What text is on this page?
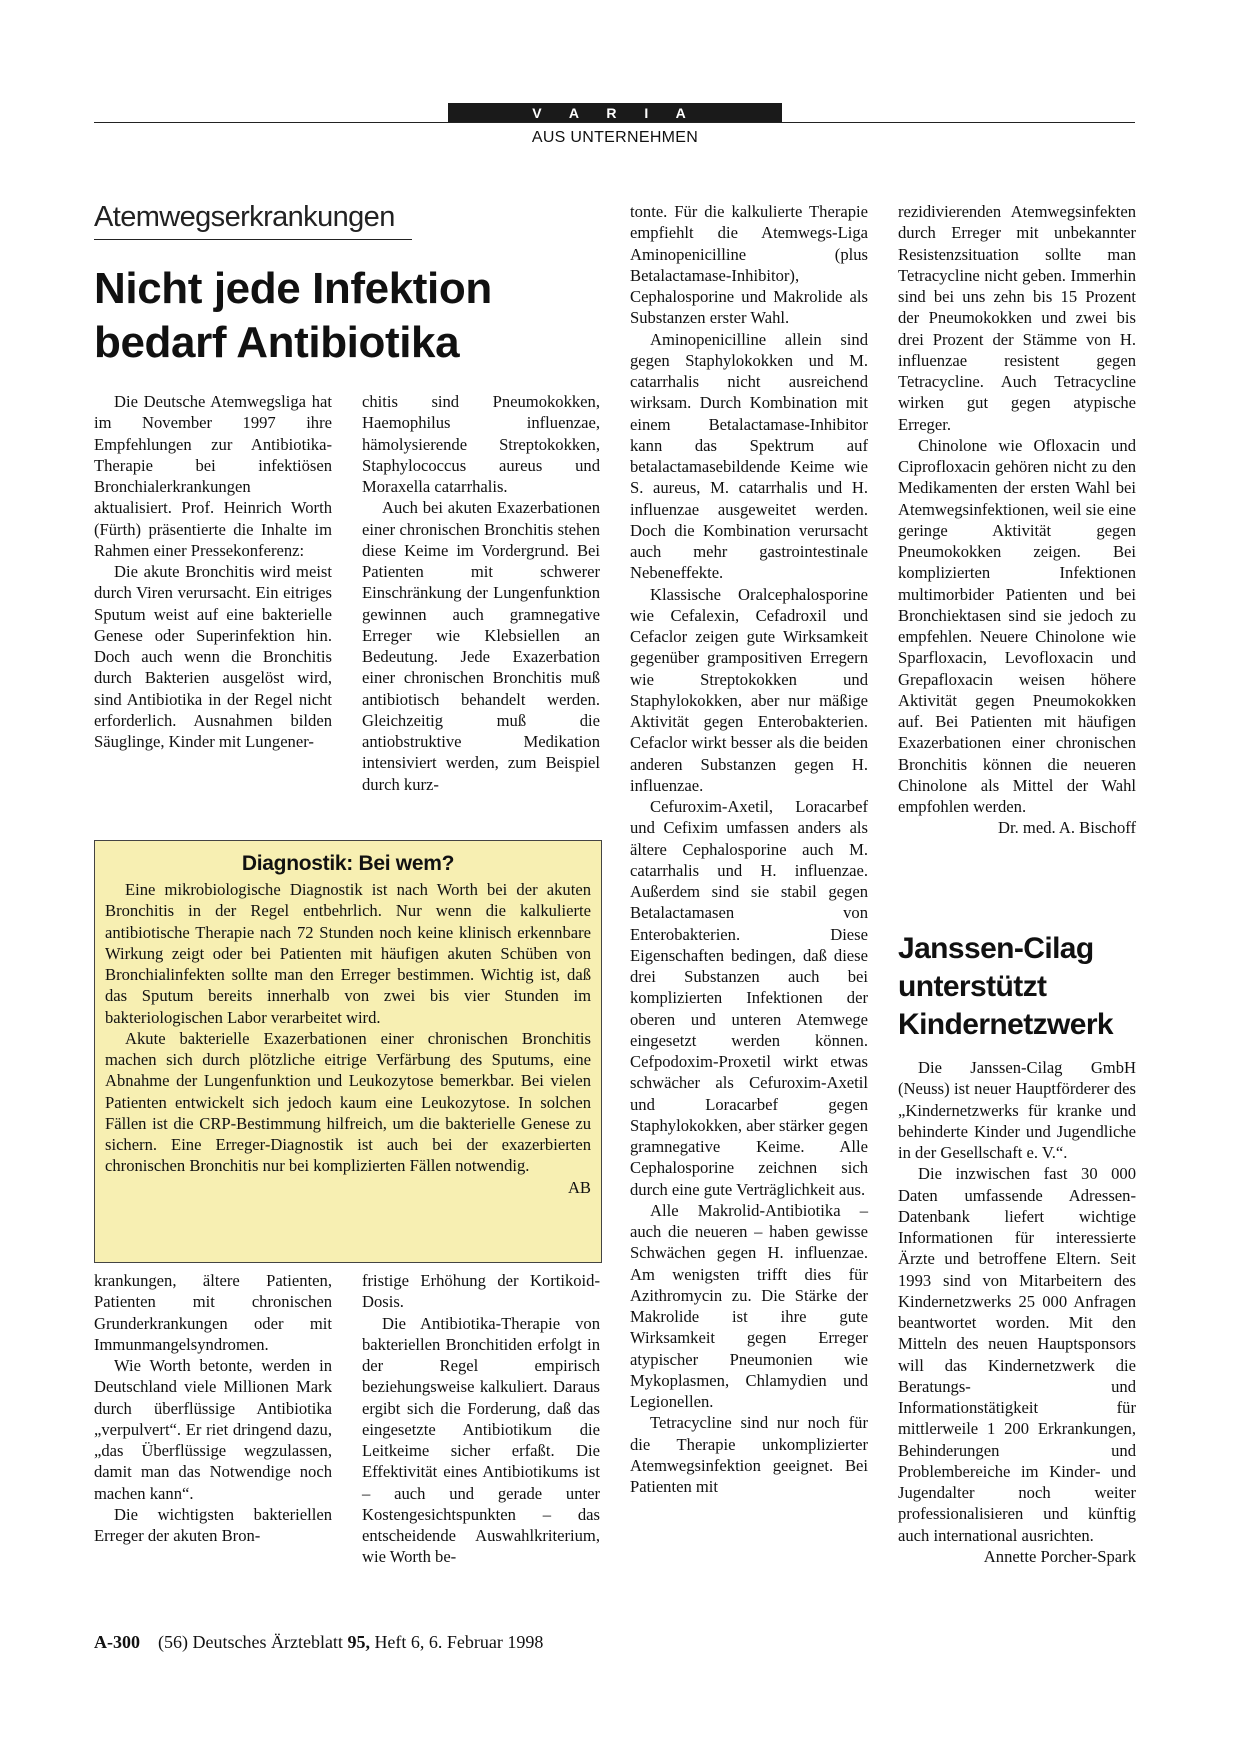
V A R I A
AUS UNTERNEHMEN
Atemwegserkrankungen
Nicht jede Infektion bedarf Antibiotika

Die Deutsche Atemwegsliga hat im November 1997 ihre Empfehlungen zur Antibiotika-Therapie bei infektiösen Bronchialerkrankungen aktualisiert. Prof. Heinrich Worth (Fürth) präsentierte die Inhalte im Rahmen einer Pressekonferenz:

Die akute Bronchitis wird meist durch Viren verursacht. Ein eitriges Sputum weist auf eine bakterielle Genese oder Superinfektion hin. Doch auch wenn die Bronchitis durch Bakterien ausgelöst wird, sind Antibiotika in der Regel nicht erforderlich. Ausnahmen bilden Säuglinge, Kinder mit Lungener-

chitis sind Pneumokokken, Haemophilus influenzae, hämolysierende Streptokokken, Staphylococcus aureus und Moraxella catarrhalis.

Auch bei akuten Exazerbationen einer chronischen Bronchitis stehen diese Keime im Vordergrund. Bei Patienten mit schwerer Einschränkung der Lungenfunktion gewinnen auch gramnegative Erreger wie Klebsiellen an Bedeutung. Jede Exazerbation einer chronischen Bronchitis muß antibiotisch behandelt werden. Gleichzeitig muß die antiobstruktive Medikation intensiviert werden, zum Beispiel durch kurz-

Diagnostik: Bei wem?

Eine mikrobiologische Diagnostik ist nach Worth bei der akuten Bronchitis in der Regel entbehrlich. Nur wenn die kalkulierte antibiotische Therapie nach 72 Stunden noch keine klinisch erkennbare Wirkung zeigt oder bei Patienten mit häufigen akuten Schüben von Bronchialinfekten sollte man den Erreger bestimmen. Wichtig ist, daß das Sputum bereits innerhalb von zwei bis vier Stunden im bakteriologischen Labor verarbeitet wird.

Akute bakterielle Exazerbationen einer chronischen Bronchitis machen sich durch plötzliche eitrige Verfärbung des Sputums, eine Abnahme der Lungenfunktion und Leukozytose bemerkbar. Bei vielen Patienten entwickelt sich jedoch kaum eine Leukozytose. In solchen Fällen ist die CRP-Bestimmung hilfreich, um die bakterielle Genese zu sichern. Eine Erreger-Diagnostik ist auch bei der exazerbierten chronischen Bronchitis nur bei komplizierten Fällen notwendig.

AB

krankungen, ältere Patienten, Patienten mit chronischen Grunderkrankungen oder mit Immunmangelsyndromen.

Wie Worth betonte, werden in Deutschland viele Millionen Mark durch überflüssige Antibiotika „verpulvert“. Er riet dringend dazu, „das Überflüssige wegzulassen, damit man das Notwendige noch machen kann“.

Die wichtigsten bakteriellen Erreger der akuten Bron-

fristige Erhöhung der Kortikoid-Dosis.

Die Antibiotika-Therapie von bakteriellen Bronchitiden erfolgt in der Regel empirisch beziehungsweise kalkuliert. Daraus ergibt sich die Forderung, daß das eingesetzte Antibiotikum die Leitkeime sicher erfaßt. Die Effektivität eines Antibiotikums ist – auch und gerade unter Kostengesichtspunkten – das entscheidende Auswahlkriterium, wie Worth be-

tonte. Für die kalkulierte Therapie empfiehlt die Atemwegs-Liga Aminopenicilline (plus Betalactamase-Inhibitor), Cephalosporine und Makrolide als Substanzen erster Wahl.

Aminopenicilline allein sind gegen Staphylokokken und M. catarrhalis nicht ausreichend wirksam. Durch Kombination mit einem Betalactamase-Inhibitor kann das Spektrum auf betalactamasebildende Keime wie S. aureus, M. catarrhalis und H. influenzae ausgeweitet werden. Doch die Kombination verursacht auch mehr gastrointestinale Nebeneffekte.

Klassische Oralcephalosporine wie Cefalexin, Cefadroxil und Cefaclor zeigen gute Wirksamkeit gegenüber grampositiven Erregern wie Streptokokken und Staphylokokken, aber nur mäßige Aktivität gegen Enterobakterien. Cefaclor wirkt besser als die beiden anderen Substanzen gegen H. influenzae.

Cefuroxim-Axetil, Loracarbef und Cefixim umfassen anders als ältere Cephalosporine auch M. catarrhalis und H. influenzae. Außerdem sind sie stabil gegen Betalactamasen von Enterobakterien. Diese Eigenschaften bedingen, daß diese drei Substanzen auch bei komplizierten Infektionen der oberen und unteren Atemwege eingesetzt werden können. Cefpodoxim-Proxetil wirkt etwas schwächer als Cefuroxim-Axetil und Loracarbef gegen Staphylokokken, aber stärker gegen gramnegative Keime. Alle Cephalosporine zeichnen sich durch eine gute Verträglichkeit aus.

Alle Makrolid-Antibiotika – auch die neueren – haben gewisse Schwächen gegen H. influenzae. Am wenigsten trifft dies für Azithromycin zu. Die Stärke der Makrolide ist ihre gute Wirksamkeit gegen Erreger atypischer Pneumonien wie Mykoplasmen, Chlamydien und Legionellen.

Tetracycline sind nur noch für die Therapie unkomplizierter Atemwegsinfektion geeignet. Bei Patienten mit

rezidivierenden Atemwegsinfekten durch Erreger mit unbekannter Resistenzsituation sollte man Tetracycline nicht geben. Immerhin sind bei uns zehn bis 15 Prozent der Pneumokokken und zwei bis drei Prozent der Stämme von H. influenzae resistent gegen Tetracycline. Auch Tetracycline wirken gut gegen atypische Erreger.

Chinolone wie Ofloxacin und Ciprofloxacin gehören nicht zu den Medikamenten der ersten Wahl bei Atemwegsinfektionen, weil sie eine geringe Aktivität gegen Pneumokokken zeigen. Bei komplizierten Infektionen multimorbider Patienten und bei Bronchiektasen sind sie jedoch zu empfehlen. Neuere Chinolone wie Sparfloxacin, Levofloxacin und Grepafloxacin weisen höhere Aktivität gegen Pneumokokken auf. Bei Patienten mit häufigen Exazerbationen einer chronischen Bronchitis können die neueren Chinolone als Mittel der Wahl empfohlen werden.

Dr. med. A. Bischoff
Janssen-Cilag unterstützt Kindernetzwerk

Die Janssen-Cilag GmbH (Neuss) ist neuer Hauptförderer des „Kindernetzwerks für kranke und behinderte Kinder und Jugendliche in der Gesellschaft e. V.“.

Die inzwischen fast 30 000 Daten umfassende Adressen-Datenbank liefert wichtige Informationen für interessierte Ärzte und betroffene Eltern. Seit 1993 sind von Mitarbeitern des Kindernetzwerks 25 000 Anfragen beantwortet worden. Mit den Mitteln des neuen Hauptsponsors will das Kindernetzwerk die Beratungs- und Informationstätigkeit für mittlerweile 1 200 Erkrankungen, Behinderungen und Problembereiche im Kinder- und Jugendalter noch weiter professionalisieren und künftig auch international ausrichten.

Annette Porcher-Spark
A-300 (56) Deutsches Ärzteblatt 95, Heft 6, 6. Februar 1998
